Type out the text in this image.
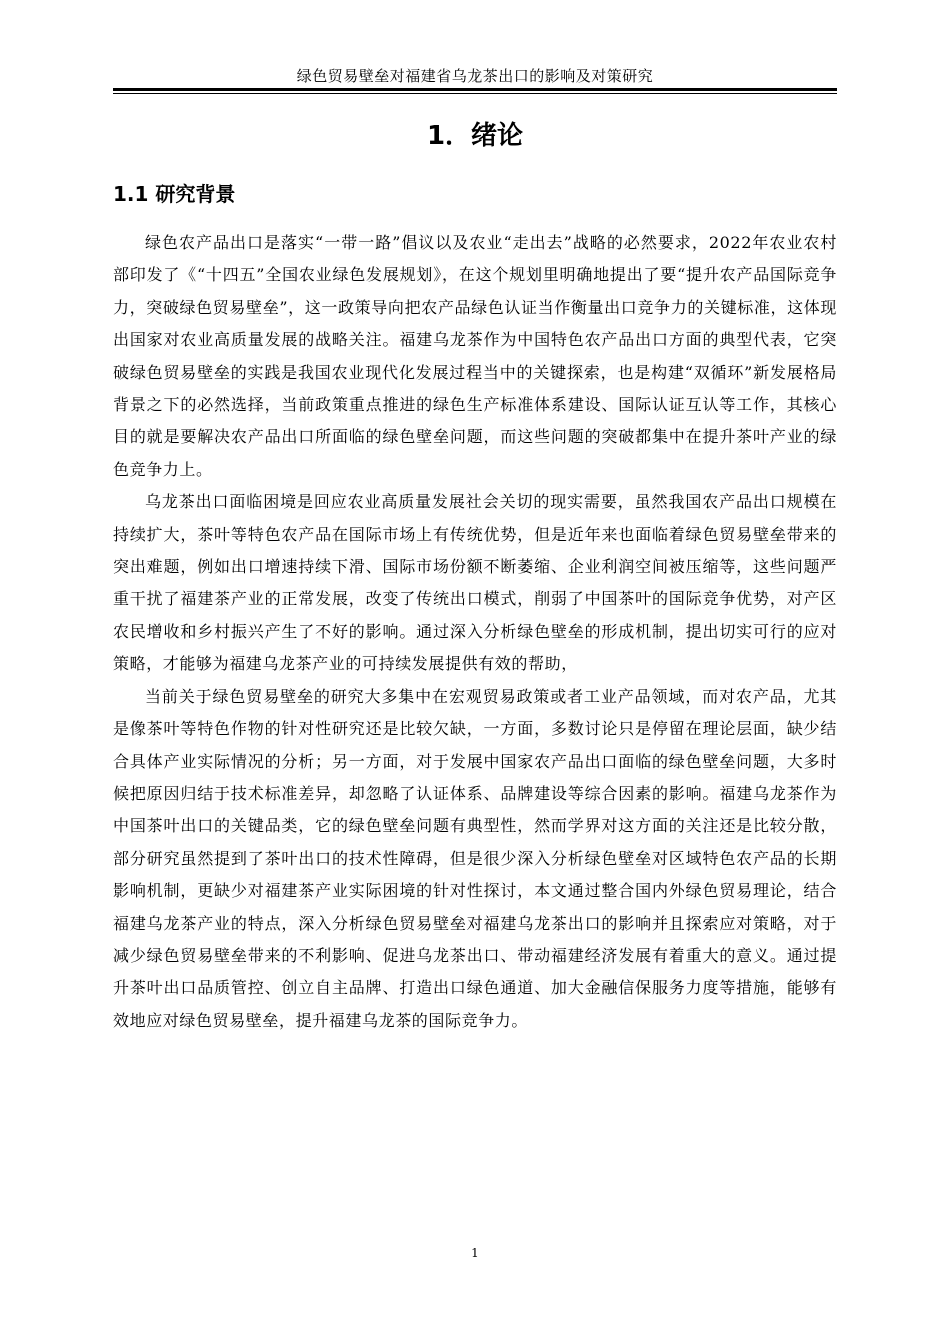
绿色贸易壁垒对福建省乌龙茶出口的影响及对策研究
1．绪论
1.1 研究背景

绿色农产品出口是落实“一带一路”倡议以及农业“走出去”战略的必然要求，2022年农业农村部印发了《“十四五”全国农业绿色发展规划》，在这个规划里明确地提出了要“提升农产品国际竞争力，突破绿色贸易壁垒”，这一政策导向把农产品绿色认证当作衡量出口竞争力的关键标准，这体现出国家对农业高质量发展的战略关注。福建乌龙茶作为中国特色农产品出口方面的典型代表，它突破绿色贸易壁垒的实践是我国农业现代化发展过程当中的关键探索，也是构建“双循环”新发展格局背景之下的必然选择，当前政策重点推进的绿色生产标准体系建设、国际认证互认等工作，其核心目的就是要解决农产品出口所面临的绿色壁垒问题，而这些问题的突破都集中在提升茶叶产业的绿色竞争力上。

乌龙茶出口面临困境是回应农业高质量发展社会关切的现实需要，虽然我国农产品出口规模在持续扩大，茶叶等特色农产品在国际市场上有传统优势，但是近年来也面临着绿色贸易壁垒带来的突出难题，例如出口增速持续下滑、国际市场份额不断萎缩、企业利润空间被压缩等，这些问题严重干扰了福建茶产业的正常发展，改变了传统出口模式，削弱了中国茶叶的国际竞争优势，对产区农民增收和乡村振兴产生了不好的影响。通过深入分析绿色壁垒的形成机制，提出切实可行的应对策略，才能够为福建乌龙茶产业的可持续发展提供有效的帮助，

当前关于绿色贸易壁垒的研究大多集中在宏观贸易政策或者工业产品领域，而对农产品，尤其是像茶叶等特色作物的针对性研究还是比较欠缺，一方面，多数讨论只是停留在理论层面，缺少结合具体产业实际情况的分析；另一方面，对于发展中国家农产品出口面临的绿色壁垒问题，大多时候把原因归结于技术标准差异，却忽略了认证体系、品牌建设等综合因素的影响。福建乌龙茶作为中国茶叶出口的关键品类，它的绿色壁垒问题有典型性，然而学界对这方面的关注还是比较分散，部分研究虽然提到了茶叶出口的技术性障碍，但是很少深入分析绿色壁垒对区域特色农产品的长期影响机制，更缺少对福建茶产业实际困境的针对性探讨，本文通过整合国内外绿色贸易理论，结合福建乌龙茶产业的特点，深入分析绿色贸易壁垒对福建乌龙茶出口的影响并且探索应对策略，对于减少绿色贸易壁垒带来的不利影响、促进乌龙茶出口、带动福建经济发展有着重大的意义。通过提升茶叶出口品质管控、创立自主品牌、打造出口绿色通道、加大金融信保服务力度等措施，能够有效地应对绿色贸易壁垒，提升福建乌龙茶的国际竞争力。

1
